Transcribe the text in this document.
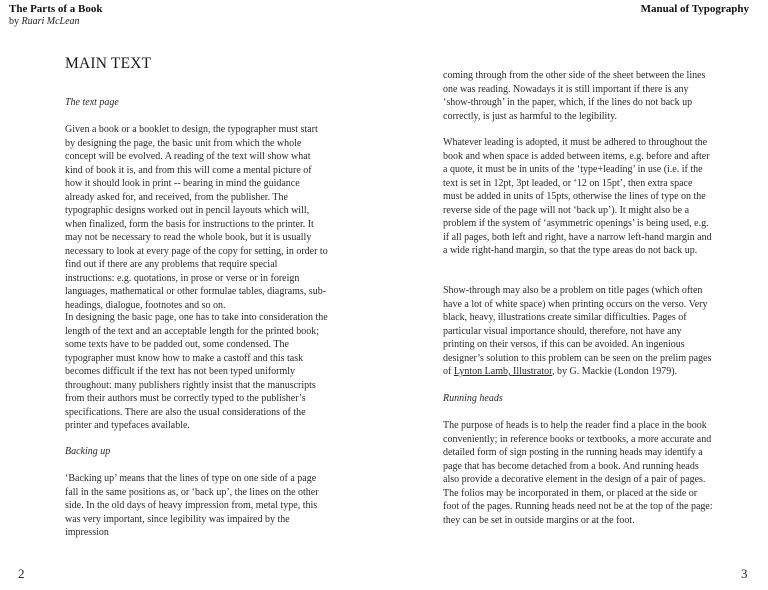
The Parts of a Book
by Ruari McLean
Manual of Typography
MAIN TEXT

The text page

Given a book or a booklet to design, the typographer must start by designing the page, the basic unit from which the whole concept will be evolved. A reading of the text will show what kind of book it is, and from this will come a mental picture of how it should look in print -- bearing in mind the guidance already asked for, and received, from the publisher. The typographic designs worked out in pencil layouts which will, when finalized, form the basis for instructions to the printer. It may not be necessary to read the whole book, but it is usually necessary to look at every page of the copy for setting, in order to find out if there are any problems that require special instructions: e.g. quotations, in prose or verse or in foreign languages, mathematical or other formulae tables, diagrams, sub-headings, dialogue, footnotes and so on.

In designing the basic page, one has to take into consideration the length of the text and an acceptable length for the printed book; some texts have to be padded out, some condensed. The typographer must know how to make a castoff and this task becomes difficult if the text has not been typed uniformly throughout: many publishers rightly insist that the manuscripts from their authors must be correctly typed to the publisher’s specifications. There are also the usual considerations of the printer and typefaces available.

Backing up

‘Backing up’ means that the lines of type on one side of a page fall in the same positions as, or ‘back up’, the lines on the other side. In the old days of heavy impression from, metal type, this was very important, since legibility was impaired by the impression

coming through from the other side of the sheet between the lines one was reading. Nowadays it is still important if there is any ‘show-through’ in the paper, which, if the lines do not back up correctly, is just as harmful to the legibility.

Whatever leading is adopted, it must be adhered to throughout the book and when space is added between items, e.g. before and after a quote, it must be in units of the ‘type+leading’ in use (i.e. if the text is set in 12pt, 3pt leaded, or ‘12 on 15pt’, then extra space must be added in units of 15pts, otherwise the lines of type on the reverse side of the page will not ‘back up’). It might also be a problem if the system of ‘asymmetric openings’ is being used, e.g. if all pages, both left and right, have a narrow left-hand margin and a wide right-hand margin, so that the type areas do not back up.

Show-through may also be a problem on title pages (which often have a lot of white space) when printing occurs on the verso. Very black, heavy, illustrations create similar difficulties. Pages of particular visual importance should, therefore, not have any printing on their versos, if this can be avoided. An ingenious designer’s solution to this problem can be seen on the prelim pages of Lynton Lamb, Illustrator, by G. Mackie (London 1979).

Running heads

The purpose of heads is to help the reader find a place in the book conveniently; in reference books or textbooks, a more accurate and detailed form of sign posting in the running heads may identify a page that has become detached from a book. And running heads also provide a decorative element in the design of a pair of pages. The folios may be incorporated in them, or placed at the side or foot of the pages. Running heads need not be at the top of the page: they can be set in outside margins or at the foot.

2	3
